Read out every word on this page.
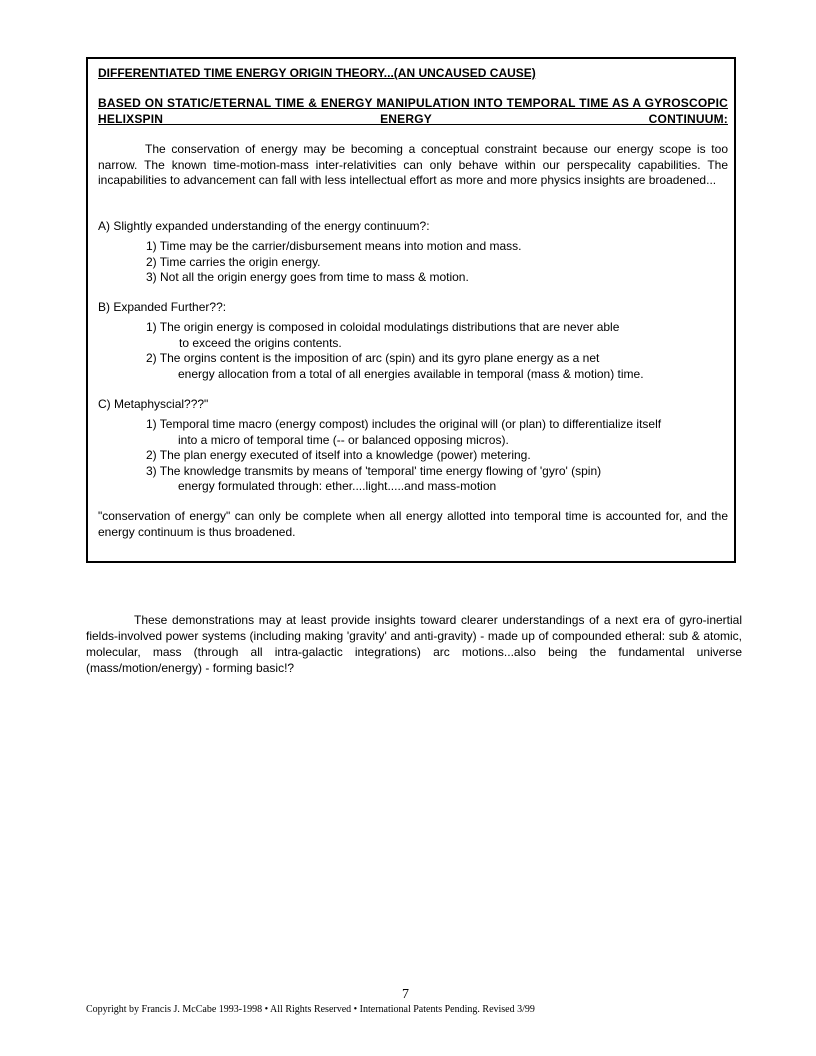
DIFFERENTIATED TIME ENERGY ORIGIN THEORY...(AN UNCAUSED CAUSE)

BASED ON STATIC/ETERNAL TIME & ENERGY MANIPULATION INTO TEMPORAL TIME AS A GYROSCOPIC HELIXSPIN ENERGY CONTINUUM:

The conservation of energy may be becoming a conceptual constraint because our energy scope is too narrow. The known time-motion-mass inter-relativities can only behave within our perspecality capabilities. The incapabilities to advancement can fall with less intellectual effort as more and more physics insights are broadened...

A) Slightly expanded understanding of the energy continuum?:

1) Time may be the carrier/disbursement means into motion and mass.
2) Time carries the origin energy.
3) Not all the origin energy goes from time to mass & motion.

B) Expanded Further??:

1) The origin energy is composed in coloidal modulatings distributions that are never able
to exceed the origins contents.
2) The orgins content is the imposition of arc (spin) and its gyro plane energy as a net
energy allocation from a total of all energies available in temporal (mass & motion) time.

C) Metaphyscial???"

1) Temporal time macro (energy compost) includes the original will (or plan) to differentialize itself
into a micro of temporal time (-- or balanced opposing micros).
2) The plan energy executed of itself into a knowledge (power) metering.
3) The knowledge transmits by means of 'temporal' time energy flowing of 'gyro' (spin)
energy formulated through: ether....light.....and mass-motion

"conservation of energy" can only be complete when all energy allotted into temporal time is accounted for, and the energy continuum is thus broadened.

These demonstrations may at least provide insights toward clearer understandings of a next era of gyro-inertial fields-involved power systems (including making 'gravity' and anti-gravity) - made up of compounded etheral: sub & atomic, molecular, mass (through all intra-galactic integrations) arc motions...also being the fundamental universe (mass/motion/energy) - forming basic!?

7
Copyright by Francis J. McCabe 1993-1998 • All Rights Reserved • International Patents Pending. Revised 3/99
